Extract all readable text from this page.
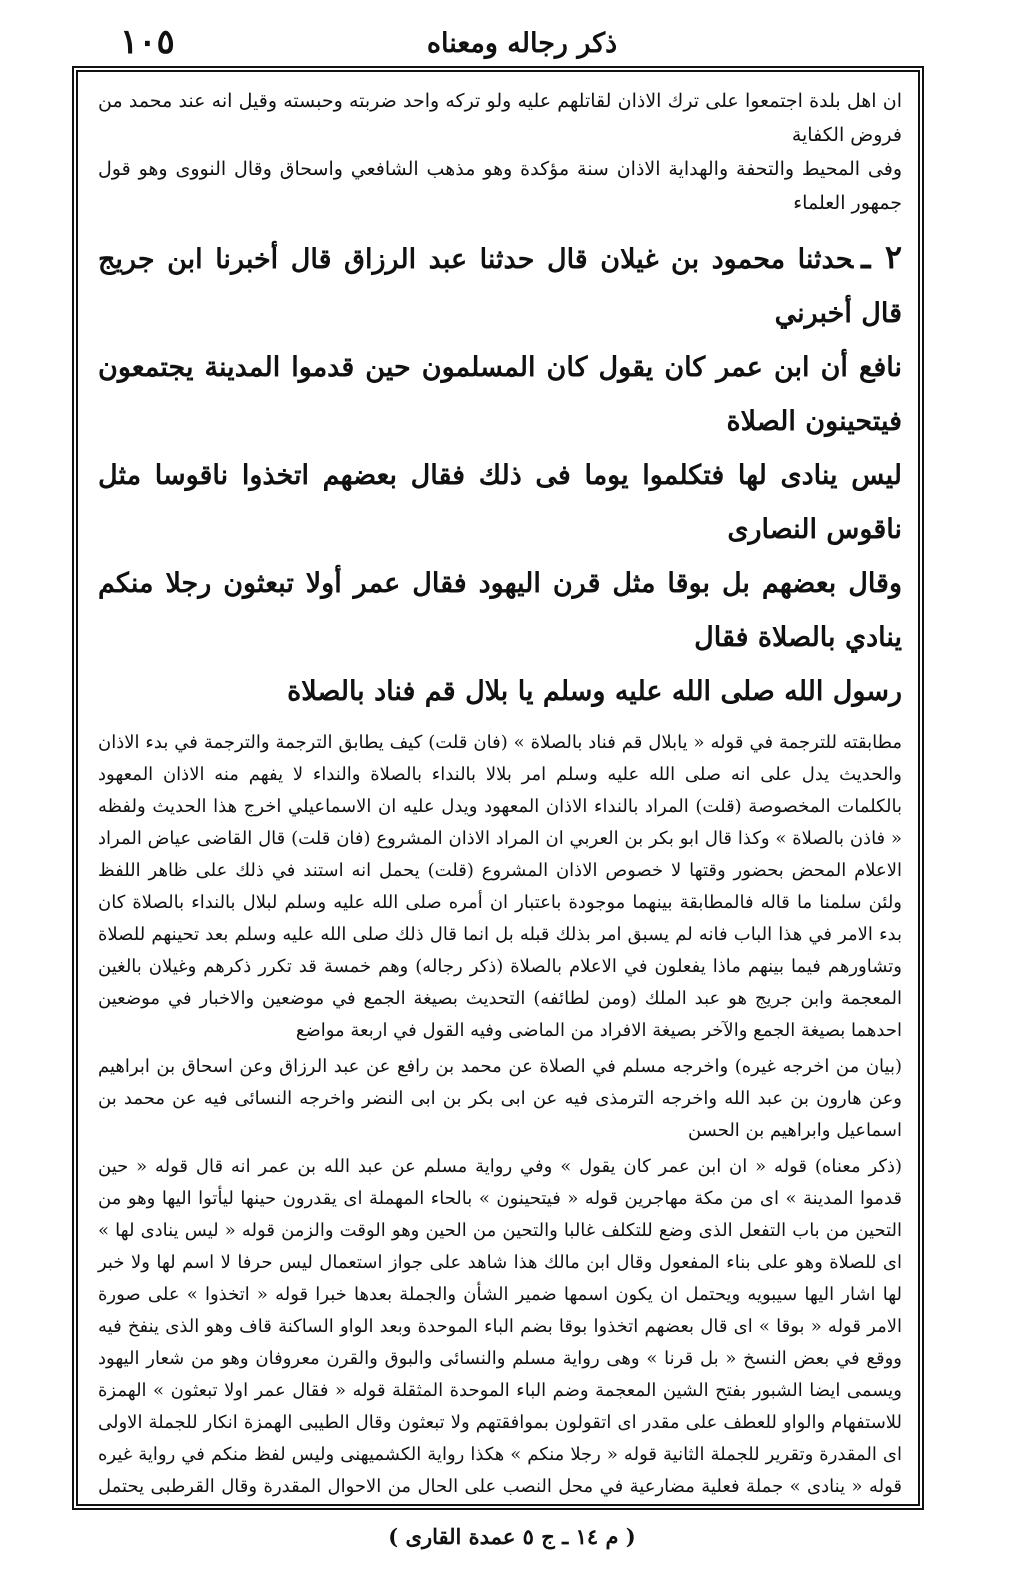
١٠٥	ذكر رجاله ومعناه
ان اهل بلدة اجتمعوا على ترك الاذان لقاتلهم عليه ولو تركه واحد ضربته وحبسته وقيل انه عند محمد من فروض الكفاية
وفى المحيط والتحفة والهداية الاذان سنة مؤكدة وهو مذهب الشافعي واسحاق وقال النووى وهو قول جمهور العلماء
٢ ـحدثنا محمود بن غيلان قال حدثنا عبد الرزاق قال أخبرنا ابن جريج قال أخبرني
نافع أن ابن عمر كان يقول كان المسلمون حين قدموا المدينة يجتمعون فيتحينون الصلاة
ليس ينادى لها فتكلموا يوما فى ذلك فقال بعضهم اتخذوا ناقوسا مثل ناقوس النصارى
وقال بعضهم بل بوقا مثل قرن اليهود فقال عمر أولا تبعثون رجلا منكم ينادي بالصلاة فقال
رسول الله صلى الله عليه وسلم يا بلال قم فناد بالصلاة

مطابقته للترجمة في قوله « يابلال قم فناد بالصلاة » (فان قلت) كيف يطابق الترجمة والترجمة في بدء الاذان والحديث يدل على انه صلى الله عليه وسلم امر بلالا بالنداء بالصلاة والنداء لا يفهم منه الاذان المعهود بالكلمات المخصوصة (قلت) المراد بالنداء الاذان المعهود ويدل عليه ان الاسماعيلي اخرج هذا الحديث ولفظه « فاذن بالصلاة » وكذا قال ابو بكر بن العربي ان المراد الاذان المشروع (فان قلت) قال القاضى عياض المراد الاعلام المحض بحضور وقتها لا خصوص الاذان المشروع (قلت) يحمل انه استند في ذلك على ظاهر اللفظ ولئن سلمنا ما قاله فالمطابقة بينهما موجودة باعتبار ان أمره صلى الله عليه وسلم لبلال بالنداء بالصلاة كان بدء الامر في هذا الباب فانه لم يسبق امر بذلك قبله بل انما قال ذلك صلى الله عليه وسلم بعد تحينهم للصلاة وتشاورهم فيما بينهم ماذا يفعلون في الاعلام بالصلاة (ذكر رجاله) وهم خمسة قد تكرر ذكرهم وغيلان بالغين المعجمة وابن جريج هو عبد الملك (ومن لطائفه) التحديث بصيغة الجمع في موضعين والاخبار في موضعين احدهما بصيغة الجمع والآخر بصيغة الافراد من الماضى وفيه القول في اربعة مواضع

(بيان من اخرجه غيره) واخرجه مسلم في الصلاة عن محمد بن رافع عن عبد الرزاق وعن اسحاق بن ابراهيم وعن هارون بن عبد الله واخرجه الترمذى فيه عن ابى بكر بن ابى النضر واخرجه النسائى فيه عن محمد بن اسماعيل وابراهيم بن الحسن

(ذكر معناه) قوله « ان ابن عمر كان يقول » وفي رواية مسلم عن عبد الله بن عمر انه قال قوله « حين قدموا المدينة » اى من مكة مهاجرين قوله « فيتحينون » بالحاء المهملة اى يقدرون حينها ليأتوا اليها وهو من التحين من باب التفعل الذى وضع للتكلف غالبا والتحين من الحين وهو الوقت والزمن قوله « ليس ينادى لها » اى للصلاة وهو على بناء المفعول وقال ابن مالك هذا شاهد على جواز استعمال ليس حرفا لا اسم لها ولا خبر لها اشار اليها سيبويه ويحتمل ان يكون اسمها ضمير الشأن والجملة بعدها خبرا قوله « اتخذوا » على صورة الامر قوله « بوقا » اى قال بعضهم اتخذوا بوقا بضم الباء الموحدة وبعد الواو الساكنة قاف وهو الذى ينفخ فيه ووقع في بعض النسخ « بل قرنا » وهى رواية مسلم والنسائى والبوق والقرن معروفان وهو من شعار اليهود ويسمى ايضا الشبور بفتح الشين المعجمة وضم الباء الموحدة المثقلة قوله « فقال عمر اولا تبعثون » الهمزة للاستفهام والواو للعطف على مقدر اى اتقولون بموافقتهم ولا تبعثون وقال الطيبى الهمزة انكار للجملة الاولى اى المقدرة وتقرير للجملة الثانية قوله « رجلا منكم » هكذا رواية الكشميهنى وليس لفظ منكم في رواية غيره قوله « ينادى » جملة فعلية مضارعية في محل النصب على الحال من الاحوال المقدرة وقال القرطبى يحتمل

( م ١٤ ـ ج ٥ عمدة القارى )
